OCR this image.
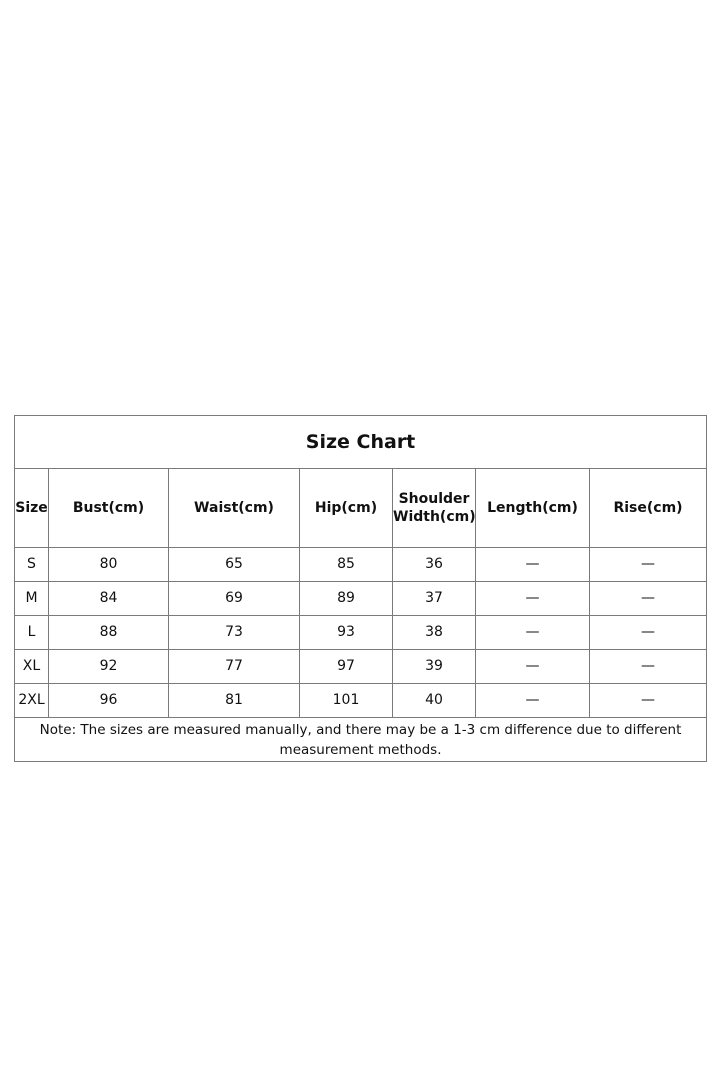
Size Chart						
Size	Bust(cm)	Waist(cm)	Hip(cm)	Shoulder Width(cm)	Length(cm)	Rise(cm)
S	80	65	85	36	—	—
M	84	69	89	37	—	—
L	88	73	93	38	—	—
XL	92	77	97	39	—	—
2XL	96	81	101	40	—	—
Note: The sizes are measured manually, and there may be a 1-3 cm difference due to different measurement methods.						
